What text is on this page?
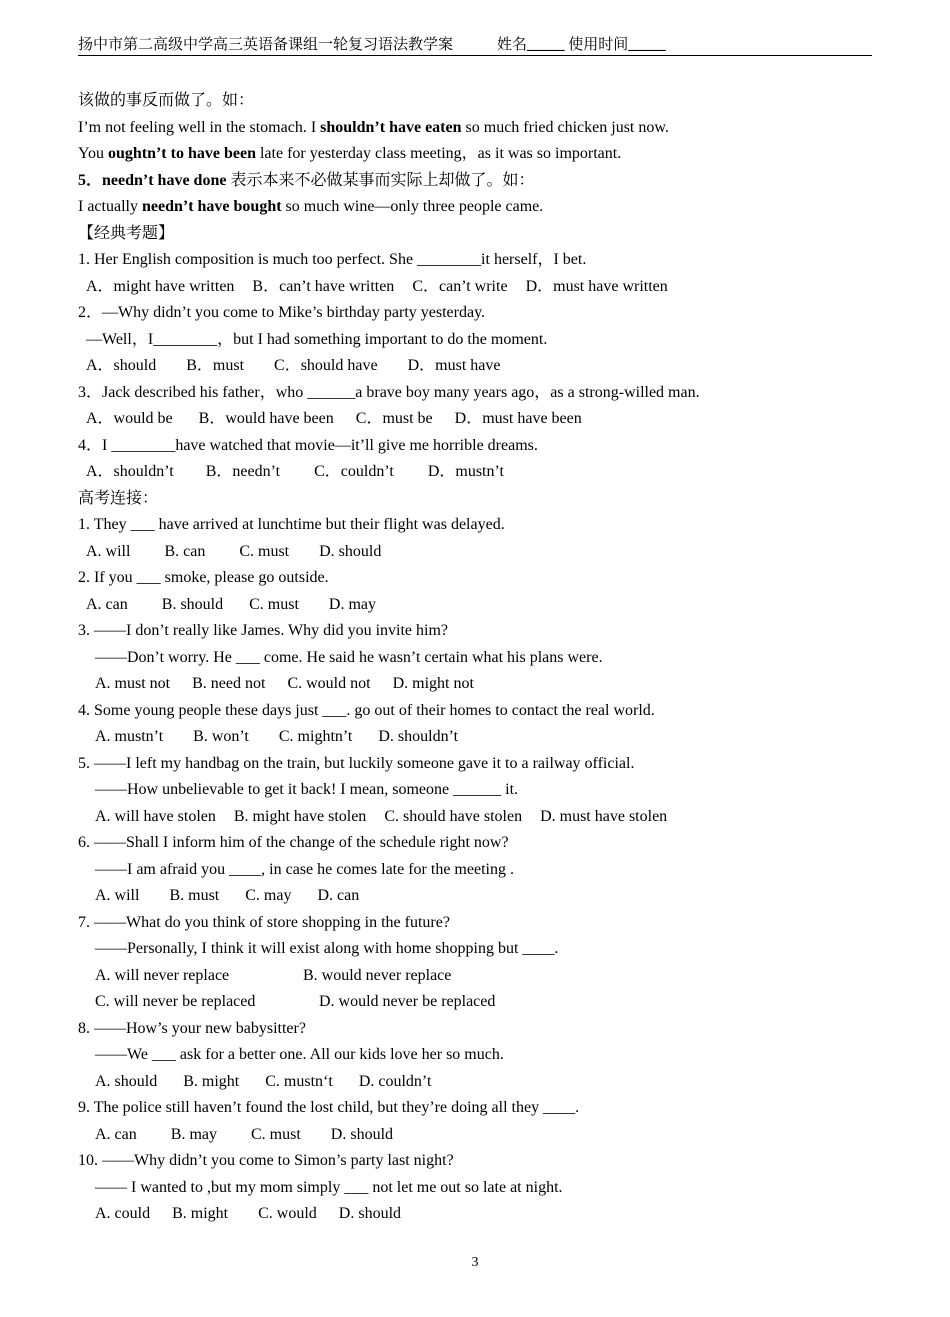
扬中市第二高级中学高三英语备课组一轮复习语法教学案	姓名_____ 使用时间_____
该做的事反而做了。如：
I’m not feeling well in the stomach. I shouldn’t have eaten so much fried chicken just now.
You oughtn’t to have been late for yesterday class meeting，as it was so important.
5．needn’t have done 表示本来不必做某事而实际上却做了。如：
I actually needn’t have bought so much wine—only three people came.
【经典考题】
1. Her English composition is much too perfect. She ________it herself，I bet.
A．might have written B．can’t have written C．can’t write D．must have written
2．—Why didn’t you come to Mike’s birthday party yesterday.
—Well，I________，but I had something important to do the moment.
A．should B．must C．should have D．must have
3．Jack described his father，who ______a brave boy many years ago，as a strong-willed man.
A．would be B．would have been C．must be D．must have been
4．I ________have watched that movie—it’ll give me horrible dreams.
A．shouldn’t B．needn’t C．couldn’t D．mustn’t
高考连接：
1. They ___ have arrived at lunchtime but their flight was delayed.
A. will B. can C. must D. should
2. If you ___ smoke, please go outside.
A. can B. should C. must D. may
3. ——I don’t really like James. Why did you invite him?
——Don’t worry. He ___ come. He said he wasn’t certain what his plans were.
A. must not B. need not C. would not D. might not
4. Some young people these days just ___. go out of their homes to contact the real world.
A. mustn’t B. won’t C. mightn’t D. shouldn’t
5. ——I left my handbag on the train, but luckily someone gave it to a railway official.
——How unbelievable to get it back! I mean, someone ______ it.
A. will have stolen B. might have stolen C. should have stolen D. must have stolen
6. ——Shall I inform him of the change of the schedule right now?
——I am afraid you ____, in case he comes late for the meeting .
A. will B. must C. may D. can
7. ——What do you think of store shopping in the future?
——Personally, I think it will exist along with home shopping but ____.
A. will never replace	B. would never replace
C. will never be replaced	D. would never be replaced
8. ——How’s your new babysitter?
——We ___ ask for a better one. All our kids love her so much.
A. should B. might C. mustn‘t D. couldn’t
9. The police still haven’t found the lost child, but they’re doing all they ____.
A. can B. may C. must D. should
10. ——Why didn’t you come to Simon’s party last night?
—— I wanted to ,but my mom simply ___ not let me out so late at night.
A. could B. might C. would D. should
3
